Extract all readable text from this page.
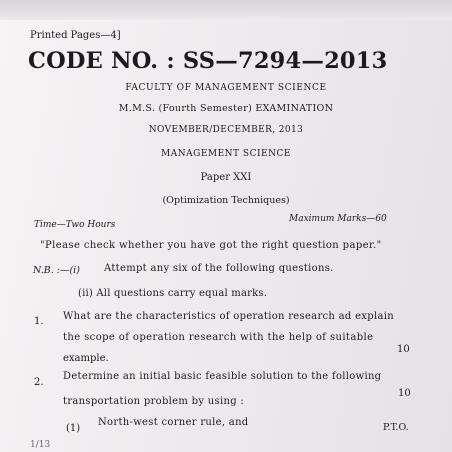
Printed Pages—4]
CODE NO. : SS—7294—2013
FACULTY OF MANAGEMENT SCIENCE
M.M.S. (Fourth Semester) EXAMINATION
NOVEMBER/DECEMBER, 2013
MANAGEMENT SCIENCE
Paper XXI
(Optimization Techniques)
Time—Two Hours
Maximum Marks—60
"Please check whether you have got the right question paper."
N.B. :—(i) Attempt any six of the following questions.
(ii) All questions carry equal marks.
1. What are the characteristics of operation research ad explain
the scope of operation research with the help of suitable
example.
10
2.
Determine an initial basic feasible solution to the following
transportation problem by using :
10
(1)
North-west corner rule, and	P.T.O.
1/13
